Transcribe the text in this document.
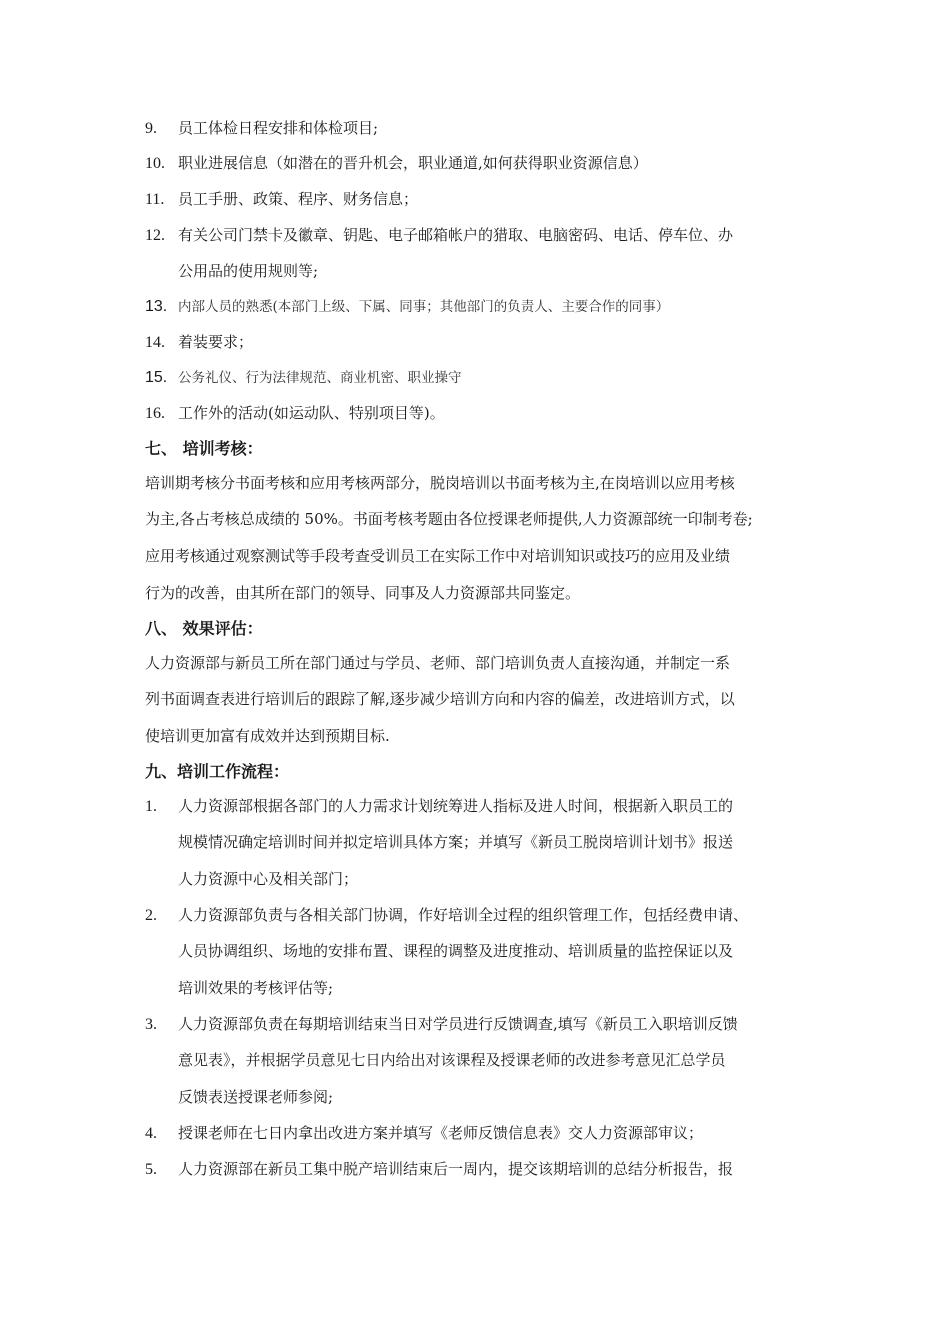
9. 员工体检日程安排和体检项目;
10. 职业进展信息（如潜在的晋升机会，职业通道,如何获得职业资源信息）
11. 员工手册、政策、程序、财务信息；
12. 有关公司门禁卡及徽章、钥匙、电子邮箱帐户的猎取、电脑密码、电话、停车位、办
公用品的使用规则等;
13. 内部人员的熟悉(本部门上级、下属、同事；其他部门的负责人、主要合作的同事）
14. 着装要求；
15. 公务礼仪、行为法律规范、商业机密、职业操守
16. 工作外的活动(如运动队、特别项目等)。
七、 培训考核：
培训期考核分书面考核和应用考核两部分，脱岗培训以书面考核为主,在岗培训以应用考核
为主,各占考核总成绩的 50%。书面考核考题由各位授课老师提供,人力资源部统一印制考卷;
应用考核通过观察测试等手段考查受训员工在实际工作中对培训知识或技巧的应用及业绩
行为的改善，由其所在部门的领导、同事及人力资源部共同鉴定。
八、 效果评估：
人力资源部与新员工所在部门通过与学员、老师、部门培训负责人直接沟通，并制定一系
列书面调查表进行培训后的跟踪了解,逐步减少培训方向和内容的偏差，改进培训方式，以
使培训更加富有成效并达到预期目标.
九、培训工作流程：
1. 人力资源部根据各部门的人力需求计划统筹进人指标及进人时间，根据新入职员工的
规模情况确定培训时间并拟定培训具体方案；并填写《新员工脱岗培训计划书》报送
人力资源中心及相关部门；
2. 人力资源部负责与各相关部门协调，作好培训全过程的组织管理工作，包括经费申请、
人员协调组织、场地的安排布置、课程的调整及进度推动、培训质量的监控保证以及
培训效果的考核评估等;
3. 人力资源部负责在每期培训结束当日对学员进行反馈调查,填写《新员工入职培训反馈
意见表》，并根据学员意见七日内给出对该课程及授课老师的改进参考意见汇总学员
反馈表送授课老师参阅;
4. 授课老师在七日内拿出改进方案并填写《老师反馈信息表》交人力资源部审议；
5. 人力资源部在新员工集中脱产培训结束后一周内，提交该期培训的总结分析报告，报
